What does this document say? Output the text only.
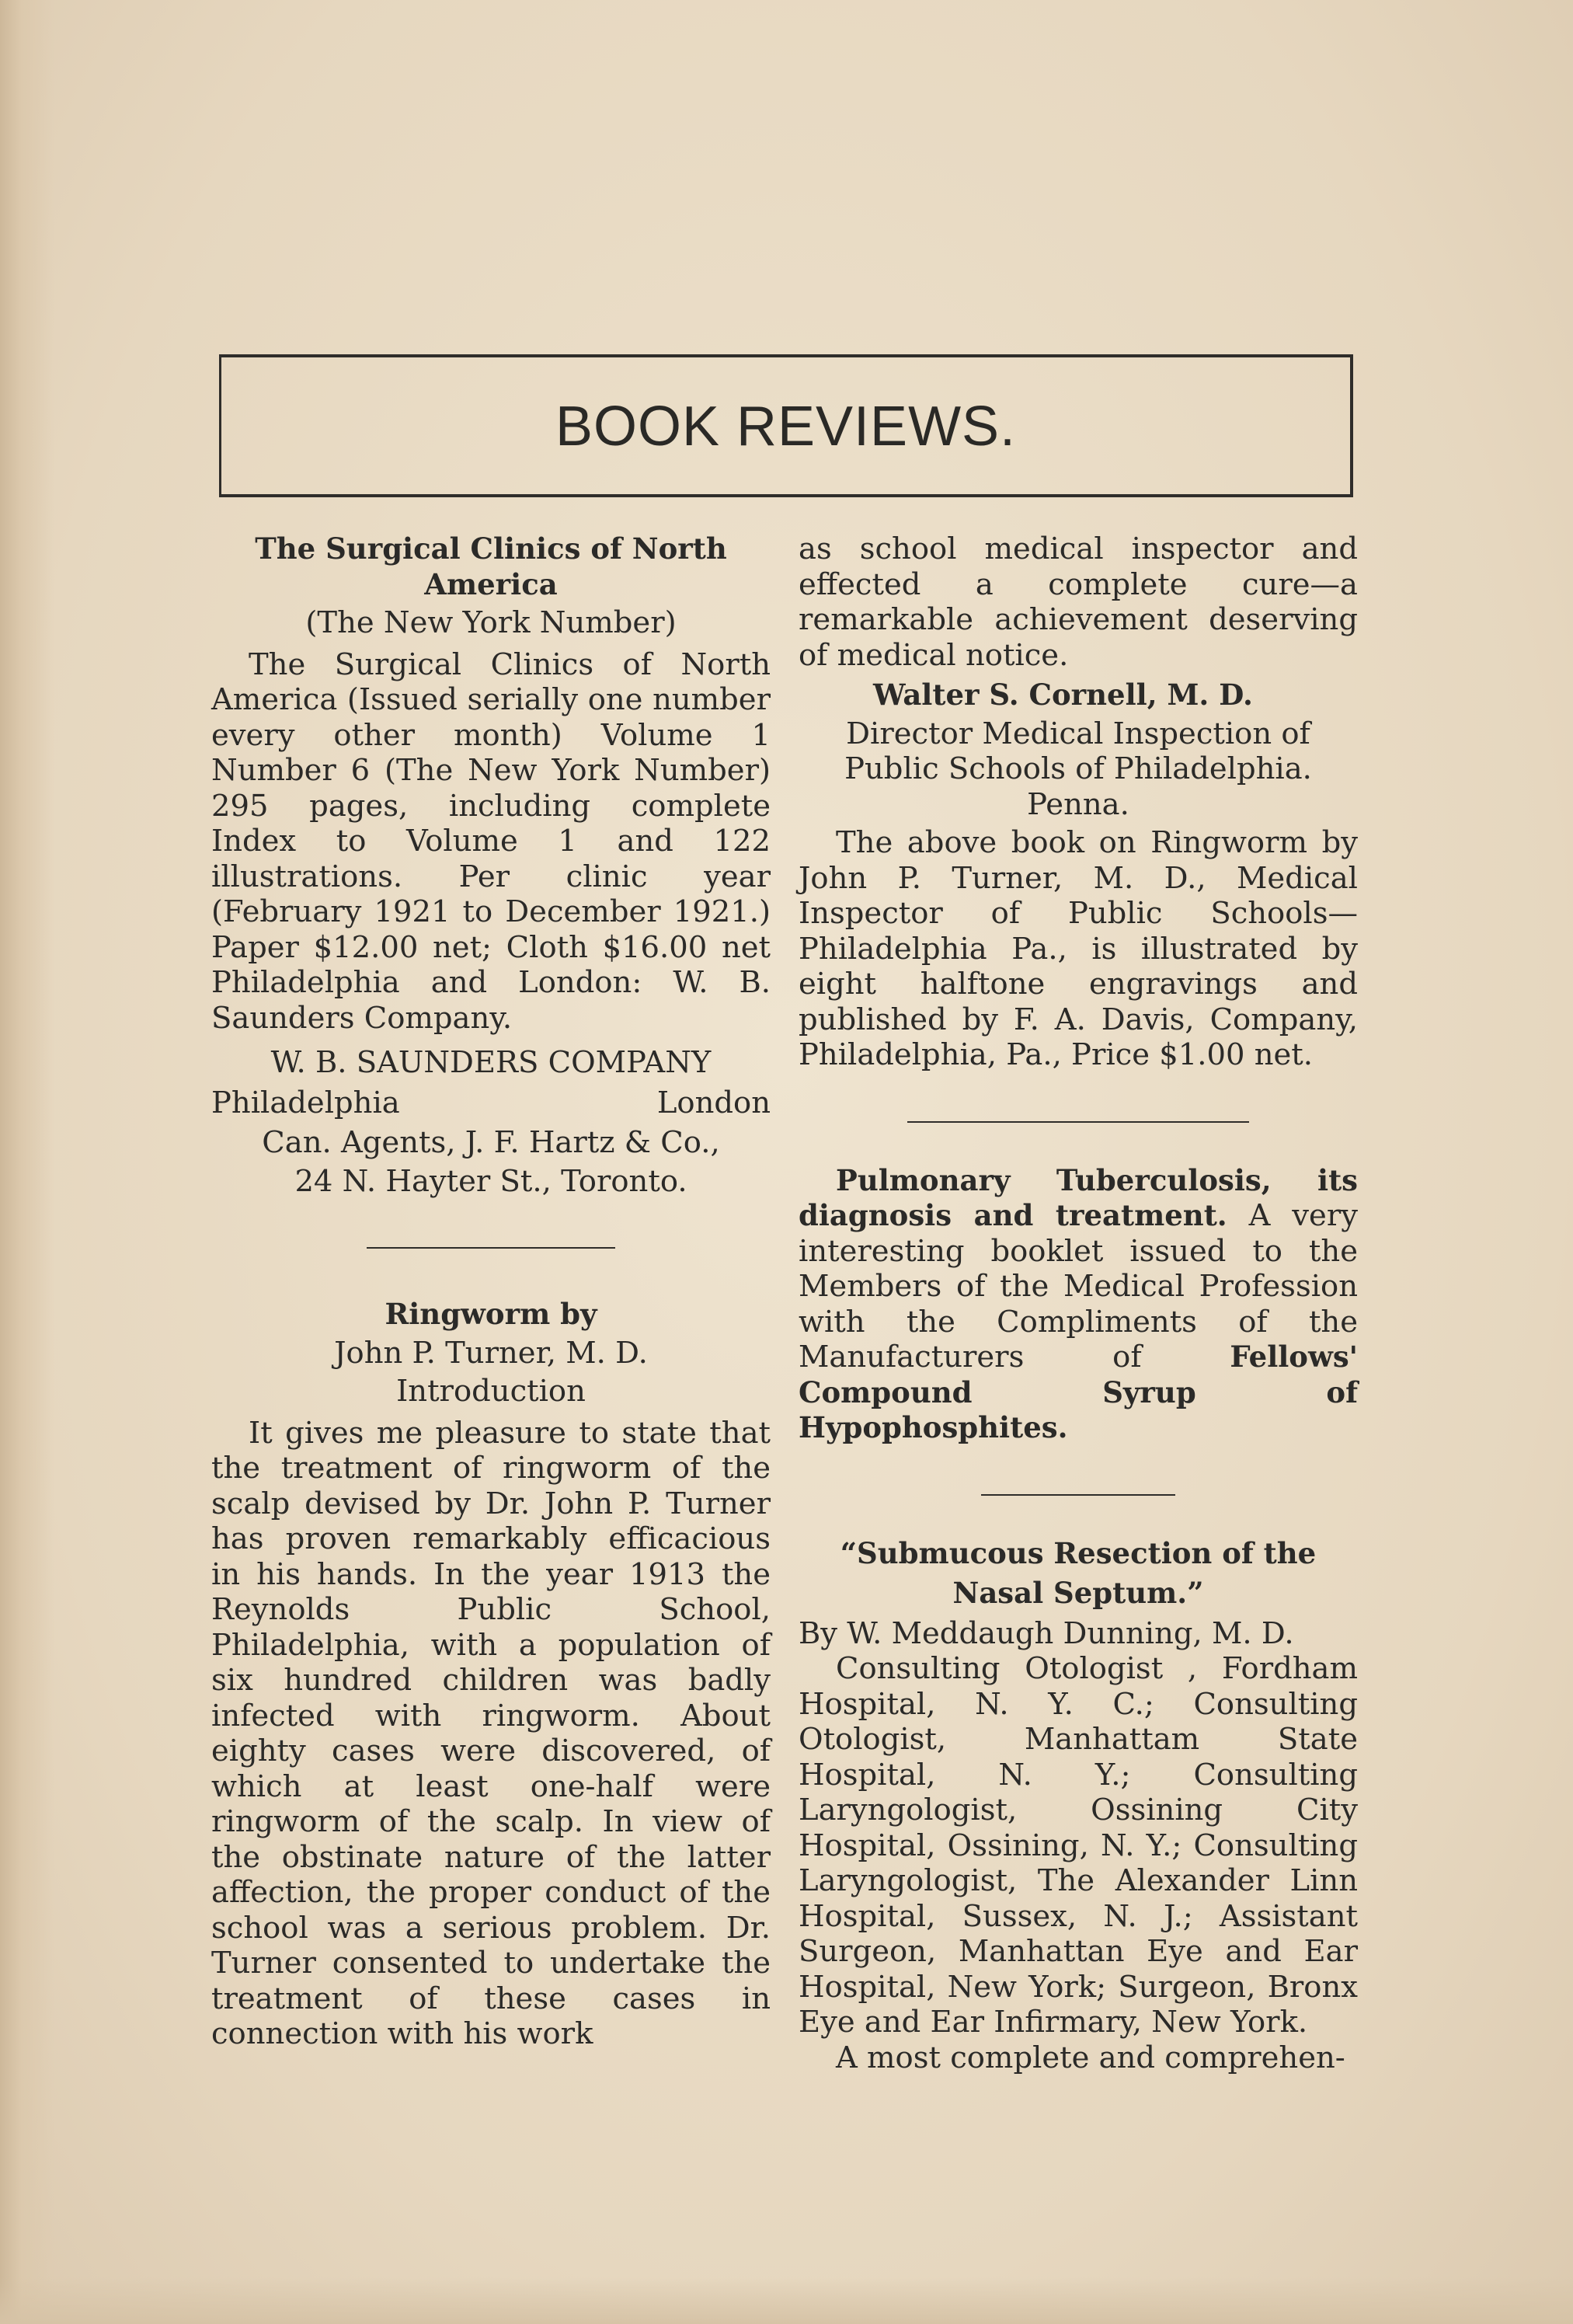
BOOK REVIEWS.

The Surgical Clinics of North

America

(The New York Number)

The Surgical Clinics of North America (Issued serially one number every other month) Volume 1 Number 6 (The New York Number) 295 pages, including complete Index to Volume 1 and 122 illustrations. Per clinic year (February 1921 to December 1921.) Paper $12.00 net; Cloth $16.00 net Philadelphia and London: W. B. Saunders Company.

W. B. SAUNDERS COMPANY

Philadelphia	London

Can. Agents, J. F. Hartz & Co.,

24 N. Hayter St., Toronto.

Ringworm by

John P. Turner, M. D.

Introduction

It gives me pleasure to state that the treatment of ringworm of the scalp devised by Dr. John P. Turner has proven remarkably efficacious in his hands. In the year 1913 the Reynolds Public School, Philadelphia, with a population of six hundred children was badly infected with ringworm. About eighty cases were discovered, of which at least one-half were ringworm of the scalp. In view of the obstinate nature of the latter affection, the proper conduct of the school was a serious problem. Dr. Turner consented to undertake the treatment of these cases in connection with his work

as school medical inspector and effected a complete cure—a remarkable achievement deserving of medical notice.

Walter S. Cornell, M. D.

Director Medical Inspection of

Public Schools of Philadelphia.

Penna.

The above book on Ringworm by John P. Turner, M. D., Medical Inspector of Public Schools—Philadelphia Pa., is illustrated by eight halftone engravings and published by F. A. Davis, Company, Philadelphia, Pa., Price $1.00 net.

Pulmonary Tuberculosis, its diagnosis and treatment. A very interesting booklet issued to the Members of the Medical Profession with the Compliments of the Manufacturers of Fellows' Compound Syrup of Hypophosphites.

“Submucous Resection of the

Nasal Septum.”

By W. Meddaugh Dunning, M. D.

Consulting Otologist , Fordham Hospital, N. Y. C.; Consulting Otologist, Manhattam State Hospital, N. Y.; Consulting Laryngologist, Ossining City Hospital, Ossining, N. Y.; Consulting Laryngologist, The Alexander Linn Hospital, Sussex, N. J.; Assistant Surgeon, Manhattan Eye and Ear Hospital, New York; Surgeon, Bronx Eye and Ear Infirmary, New York.

A most complete and comprehen-
